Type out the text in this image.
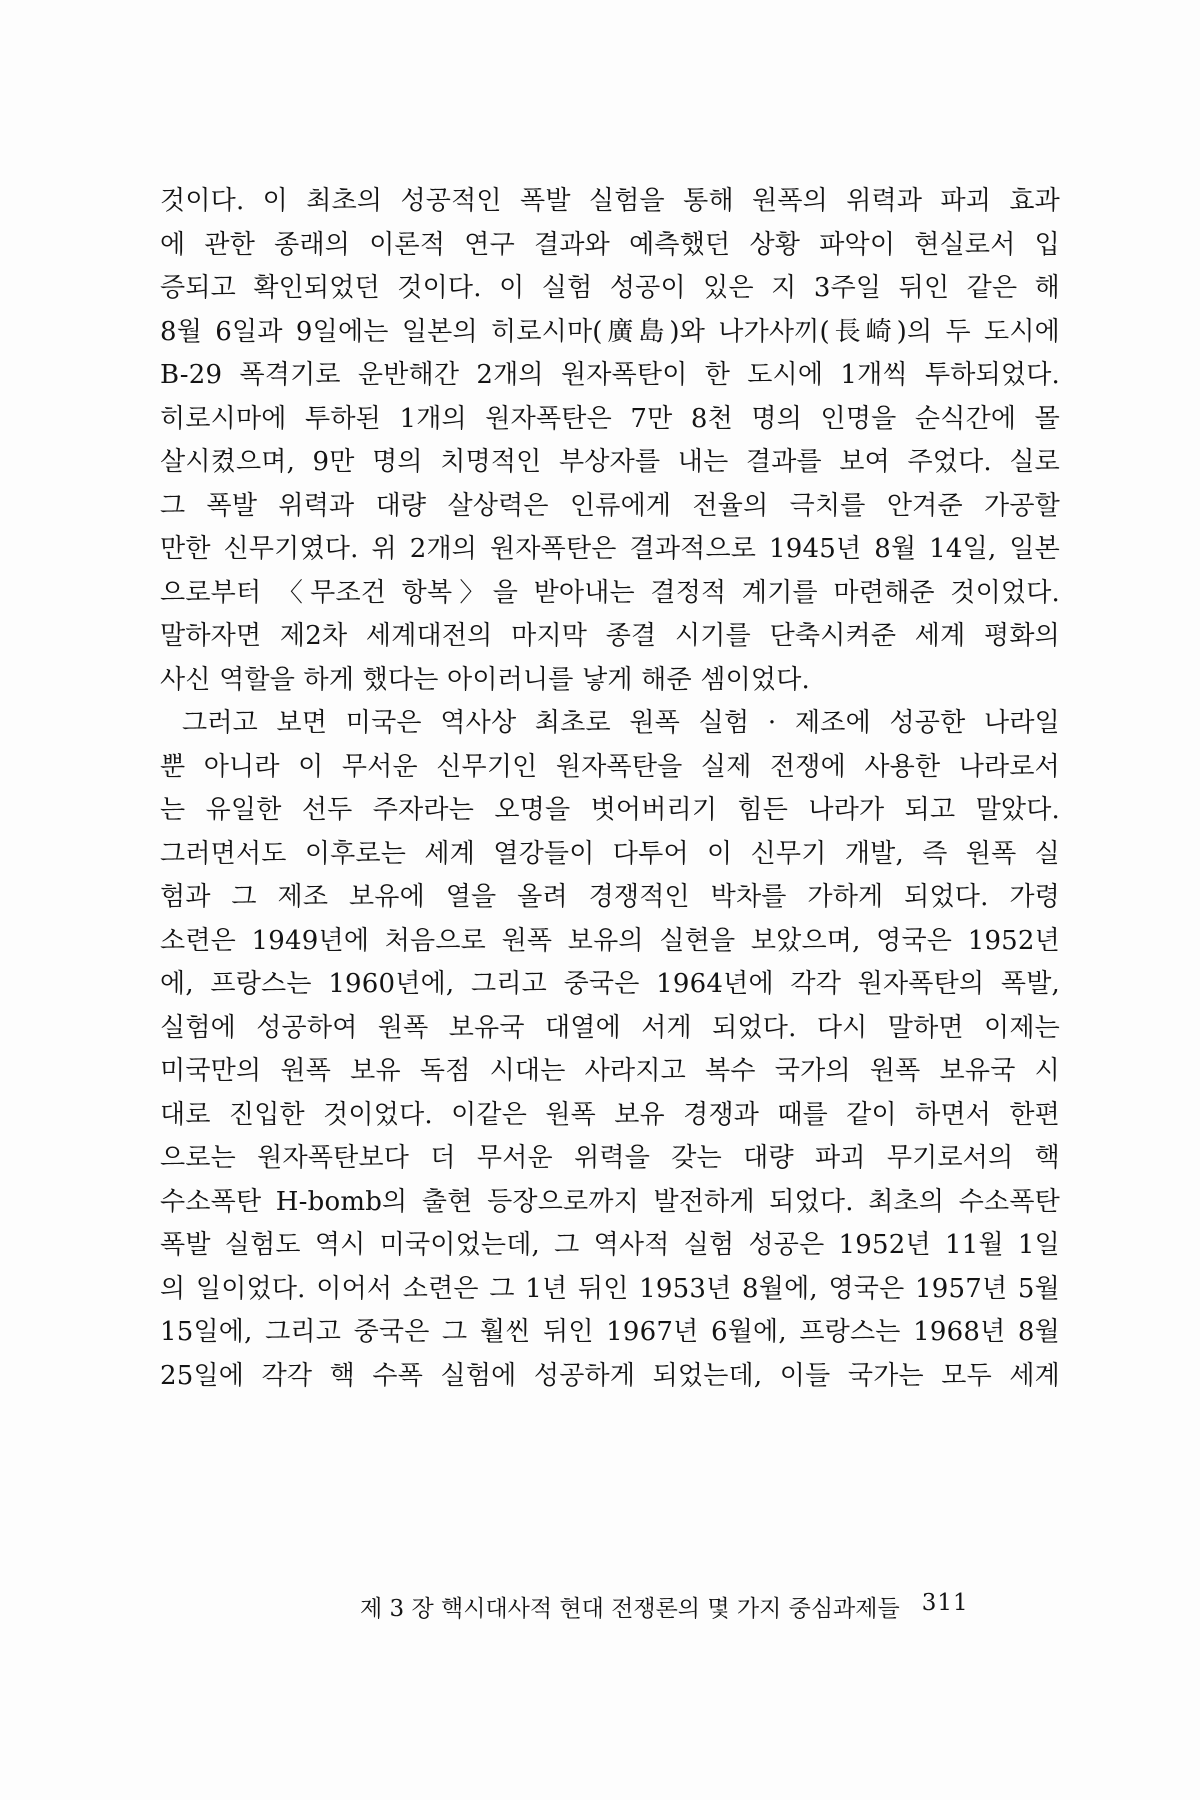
것이다. 이 최초의 성공적인 폭발 실험을 통해 원폭의 위력과 파괴 효과
에 관한 종래의 이론적 연구 결과와 예측했던 상황 파악이 현실로서 입
증되고 확인되었던 것이다. 이 실험 성공이 있은 지 3주일 뒤인 같은 해
8월 6일과 9일에는 일본의 히로시마(廣島)와 나가사끼(長崎)의 두 도시에
B-29 폭격기로 운반해간 2개의 원자폭탄이 한 도시에 1개씩 투하되었다.
히로시마에 투하된 1개의 원자폭탄은 7만 8천 명의 인명을 순식간에 몰
살시켰으며, 9만 명의 치명적인 부상자를 내는 결과를 보여 주었다. 실로
그 폭발 위력과 대량 살상력은 인류에게 전율의 극치를 안겨준 가공할
만한 신무기였다. 위 2개의 원자폭탄은 결과적으로 1945년 8월 14일, 일본
으로부터 〈무조건 항복〉을 받아내는 결정적 계기를 마련해준 것이었다.
말하자면 제2차 세계대전의 마지막 종결 시기를 단축시켜준 세계 평화의
사신 역할을 하게 했다는 아이러니를 낳게 해준 셈이었다.
그러고 보면 미국은 역사상 최초로 원폭 실험 · 제조에 성공한 나라일
뿐 아니라 이 무서운 신무기인 원자폭탄을 실제 전쟁에 사용한 나라로서
는 유일한 선두 주자라는 오명을 벗어버리기 힘든 나라가 되고 말았다.
그러면서도 이후로는 세계 열강들이 다투어 이 신무기 개발, 즉 원폭 실
험과 그 제조 보유에 열을 올려 경쟁적인 박차를 가하게 되었다. 가령
소련은 1949년에 처음으로 원폭 보유의 실현을 보았으며, 영국은 1952년
에, 프랑스는 1960년에, 그리고 중국은 1964년에 각각 원자폭탄의 폭발,
실험에 성공하여 원폭 보유국 대열에 서게 되었다. 다시 말하면 이제는
미국만의 원폭 보유 독점 시대는 사라지고 복수 국가의 원폭 보유국 시
대로 진입한 것이었다. 이같은 원폭 보유 경쟁과 때를 같이 하면서 한편
으로는 원자폭탄보다 더 무서운 위력을 갖는 대량 파괴 무기로서의 핵
수소폭탄 H-bomb의 출현 등장으로까지 발전하게 되었다. 최초의 수소폭탄
폭발 실험도 역시 미국이었는데, 그 역사적 실험 성공은 1952년 11월 1일
의 일이었다. 이어서 소련은 그 1년 뒤인 1953년 8월에, 영국은 1957년 5월
15일에, 그리고 중국은 그 훨씬 뒤인 1967년 6월에, 프랑스는 1968년 8월
25일에 각각 핵 수폭 실험에 성공하게 되었는데, 이들 국가는 모두 세계
제 3 장 핵시대사적 현대 전쟁론의 몇 가지 중심과제들 311
